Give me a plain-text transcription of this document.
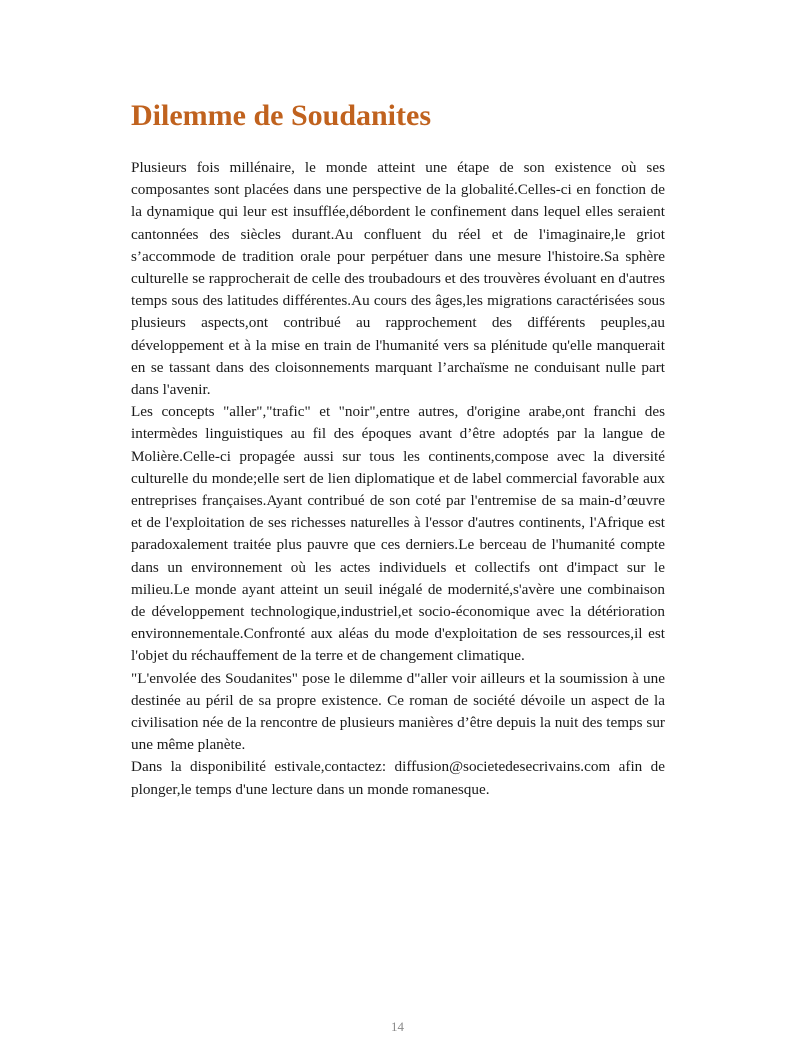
Dilemme de Soudanites

Plusieurs fois millénaire, le monde atteint une étape de son existence où ses composantes sont placées dans une perspective de la globalité.Celles-ci en fonction de la dynamique qui leur est insufflée,débordent le confinement dans lequel elles seraient cantonnées des siècles durant.Au confluent du réel et de l'imaginaire,le griot s’accommode de tradition orale pour perpétuer dans une mesure l'histoire.Sa sphère culturelle se rapprocherait de celle des troubadours et des trouvères évoluant en d'autres temps sous des latitudes différentes.Au cours des âges,les migrations caractérisées sous plusieurs aspects,ont contribué au rapprochement des différents peuples,au développement et à la mise en train de l'humanité vers sa plénitude qu'elle manquerait en se tassant dans des cloisonnements marquant l’archaïsme ne conduisant nulle part dans l'avenir.

Les concepts "aller","trafic" et "noir",entre autres, d'origine arabe,ont franchi des intermèdes linguistiques au fil des époques avant d’être adoptés par la langue de Molière.Celle-ci propagée aussi sur tous les continents,compose avec la diversité culturelle du monde;elle sert de lien diplomatique et de label commercial favorable aux entreprises françaises.Ayant contribué de son coté par l'entremise de sa main-d’œuvre et de l'exploitation de ses richesses naturelles à l'essor d'autres continents, l'Afrique est paradoxalement traitée plus pauvre que ces derniers.Le berceau de l'humanité compte dans un environnement où les actes individuels et collectifs ont d'impact sur le milieu.Le monde ayant atteint un seuil inégalé de modernité,s'avère une combinaison de développement technologique,industriel,et socio-économique avec la détérioration environnementale.Confronté aux aléas du mode d'exploitation de ses ressources,il est l'objet du réchauffement de la terre et de changement climatique.

"L'envolée des Soudanites" pose le dilemme d"aller voir ailleurs et la soumission à une destinée au péril de sa propre existence. Ce roman de société dévoile un aspect de la civilisation née de la rencontre de plusieurs manières d’être depuis la nuit des temps sur une même planète.

Dans la disponibilité estivale,contactez: diffusion@societedesecrivains.com afin de plonger,le temps d'une lecture dans un monde romanesque.

14
